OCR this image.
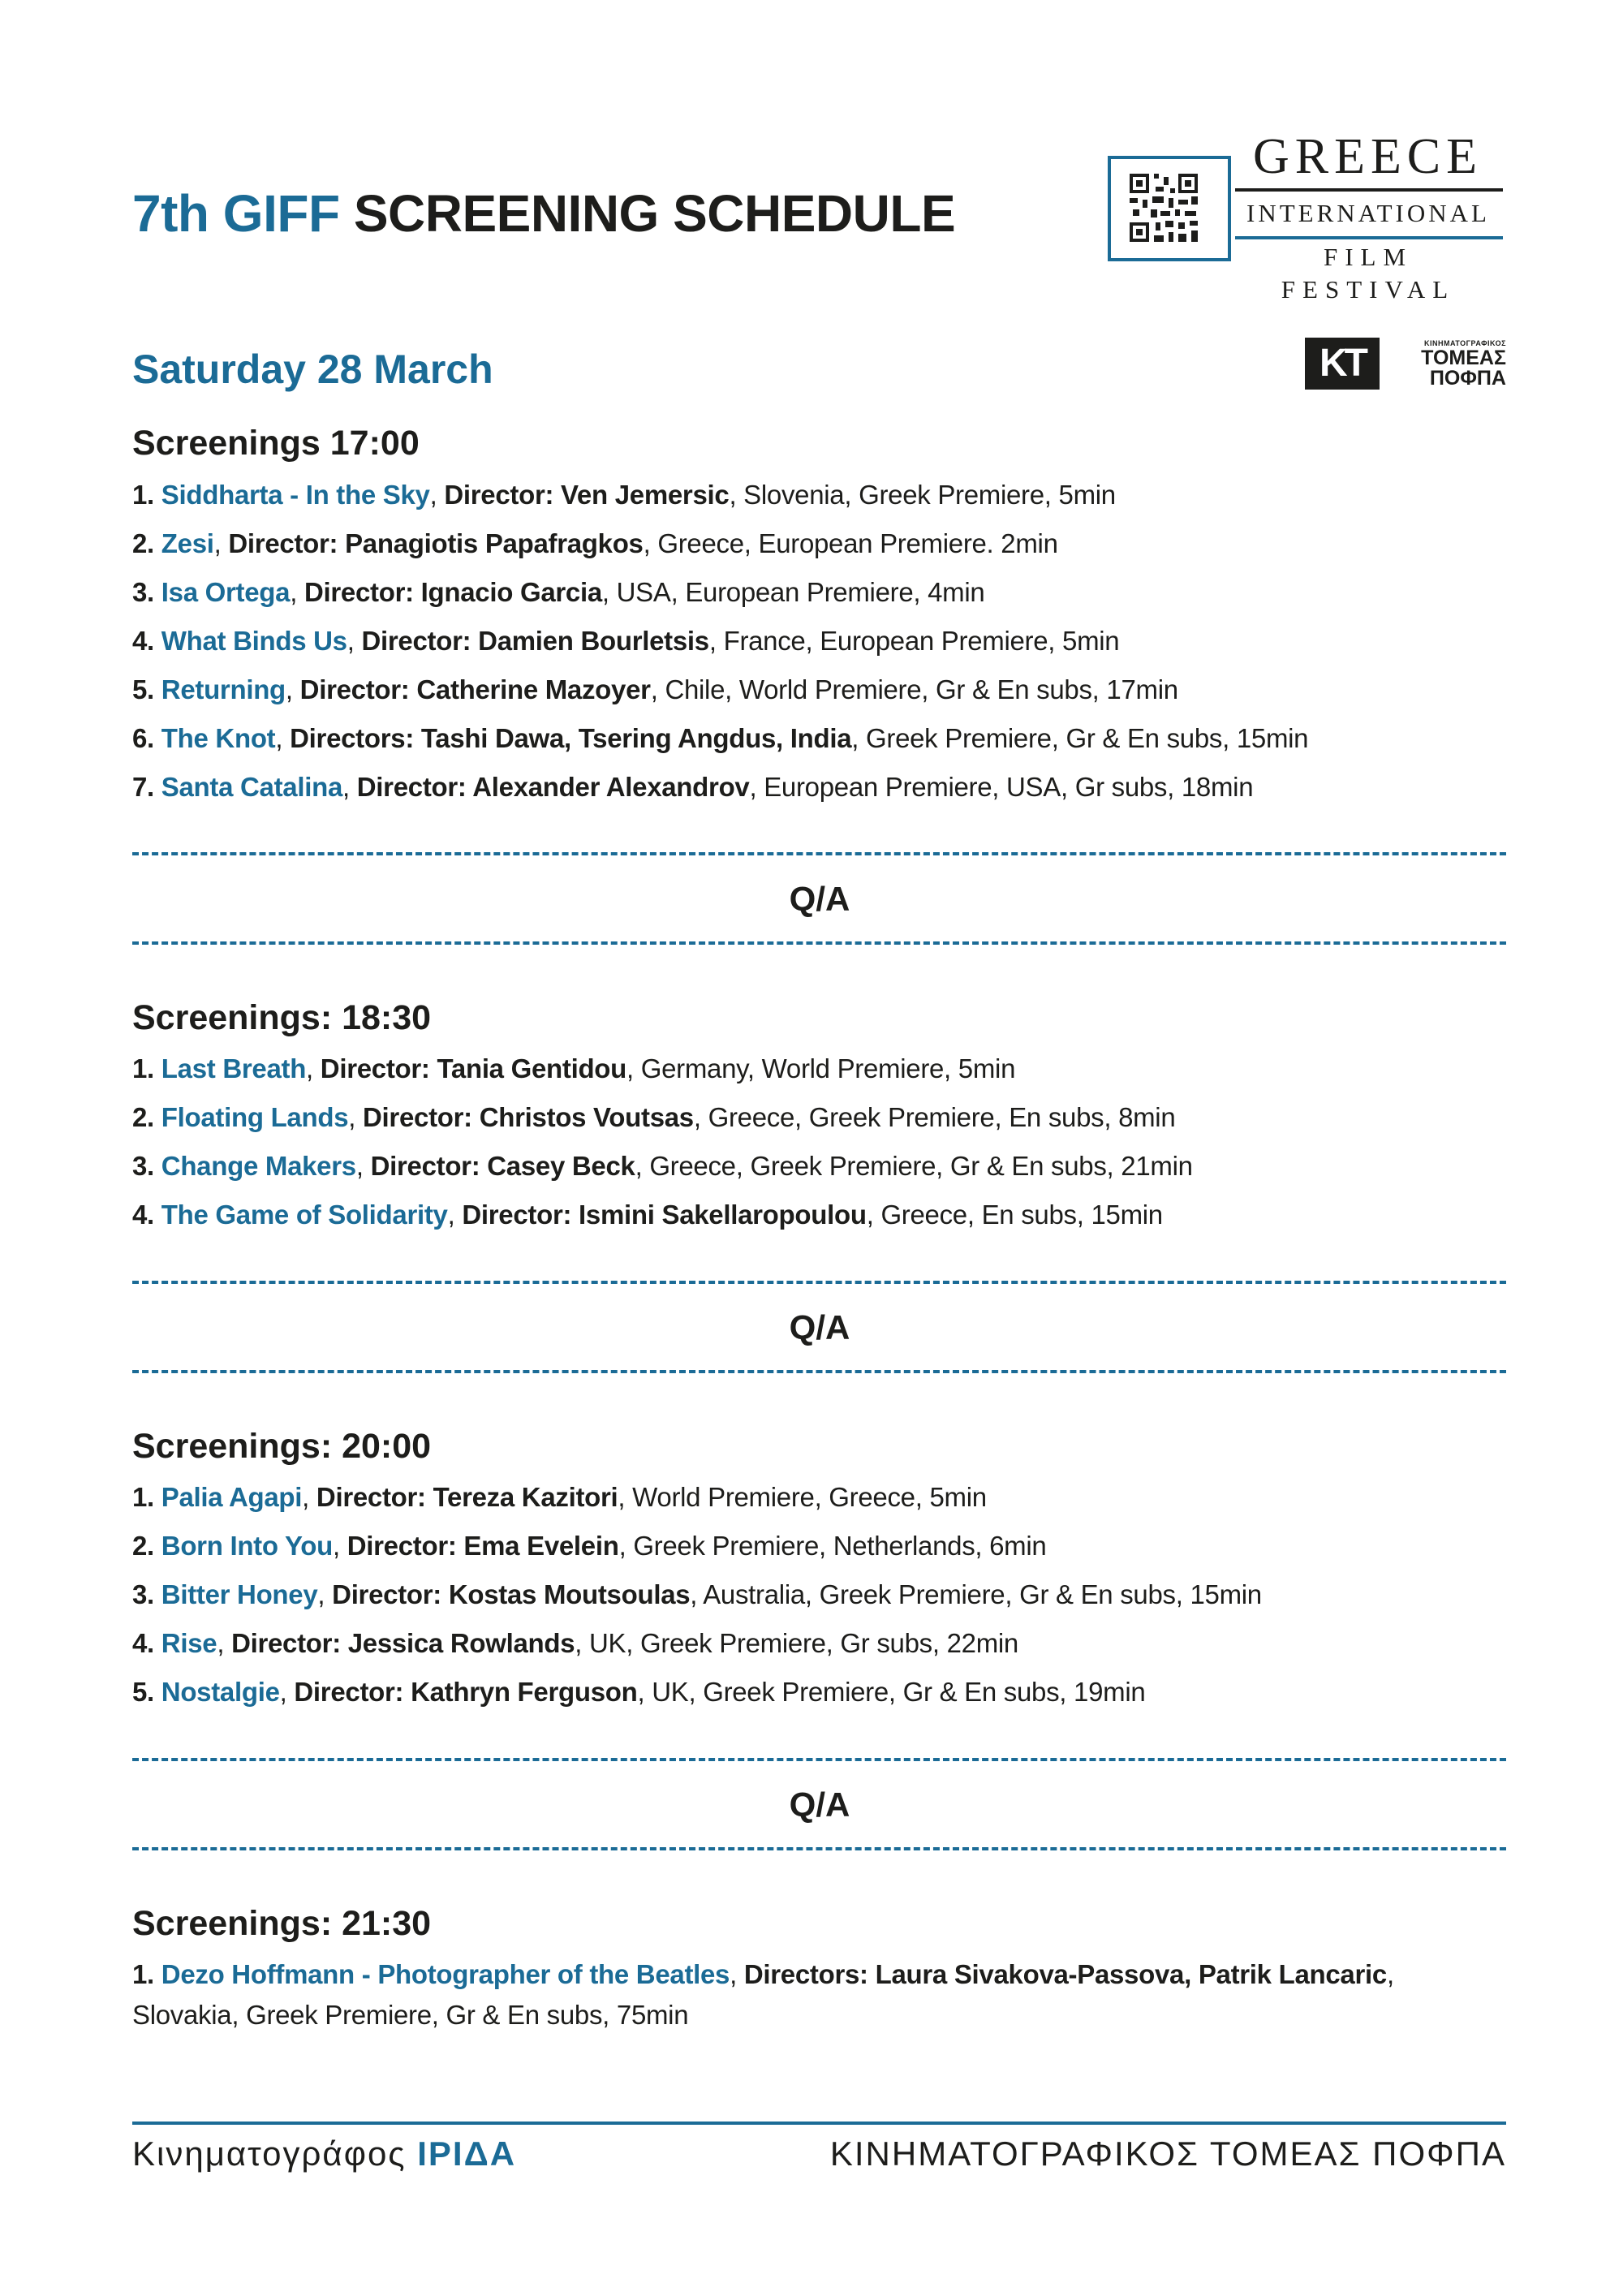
7th GIFF SCREENING SCHEDULE
GREECE
INTERNATIONAL
FILM FESTIVAL
Saturday 28 March	KT	ΚΙΝΗΜΑΤΟΓΡΑΦΙΚΟΣ
ΤΟΜΕΑΣ
ΠΟΦΠΑ
Screenings 17:00
1. Siddharta - In the Sky, Director: Ven Jemersic, Slovenia, Greek Premiere, 5min
2. Zesi, Director: Panagiotis Papafragkos, Greece, European Premiere. 2min
3. Isa Ortega, Director: Ignacio Garcia, USA, European Premiere, 4min
4. What Binds Us, Director: Damien Bourletsis, France, European Premiere, 5min
5. Returning, Director: Catherine Mazoyer, Chile, World Premiere, Gr & En subs, 17min
6. The Knot, Directors: Tashi Dawa, Tsering Angdus, India, Greek Premiere, Gr & En subs, 15min
7. Santa Catalina, Director: Alexander Alexandrov, European Premiere, USA, Gr subs, 18min
Q/A
Screenings: 18:30
1. Last Breath, Director: Tania Gentidou, Germany, World Premiere, 5min
2. Floating Lands, Director: Christos Voutsas, Greece, Greek Premiere, En subs, 8min
3. Change Makers, Director: Casey Beck, Greece, Greek Premiere, Gr & En subs, 21min
4. The Game of Solidarity, Director: Ismini Sakellaropoulou, Greece, En subs, 15min
Q/A
Screenings: 20:00
1. Palia Agapi, Director: Tereza Kazitori, World Premiere, Greece, 5min
2. Born Into You, Director: Ema Evelein, Greek Premiere, Netherlands, 6min
3. Bitter Honey, Director: Kostas Moutsoulas, Australia, Greek Premiere, Gr & En subs, 15min
4. Rise, Director: Jessica Rowlands, UK, Greek Premiere, Gr subs, 22min
5. Nostalgie, Director: Kathryn Ferguson, UK, Greek Premiere, Gr & En subs, 19min
Q/A
Screenings: 21:30
1. Dezo Hoffmann - Photographer of the Beatles, Directors: Laura Sivakova-Passova, Patrik Lancaric,
Slovakia, Greek Premiere, Gr & En subs, 75min
Κινηματογράφος ΙΡΙΔΑ	ΚΙΝΗΜΑΤΟΓΡΑΦΙΚΟΣ ΤΟΜΕΑΣ ΠΟΦΠΑ
